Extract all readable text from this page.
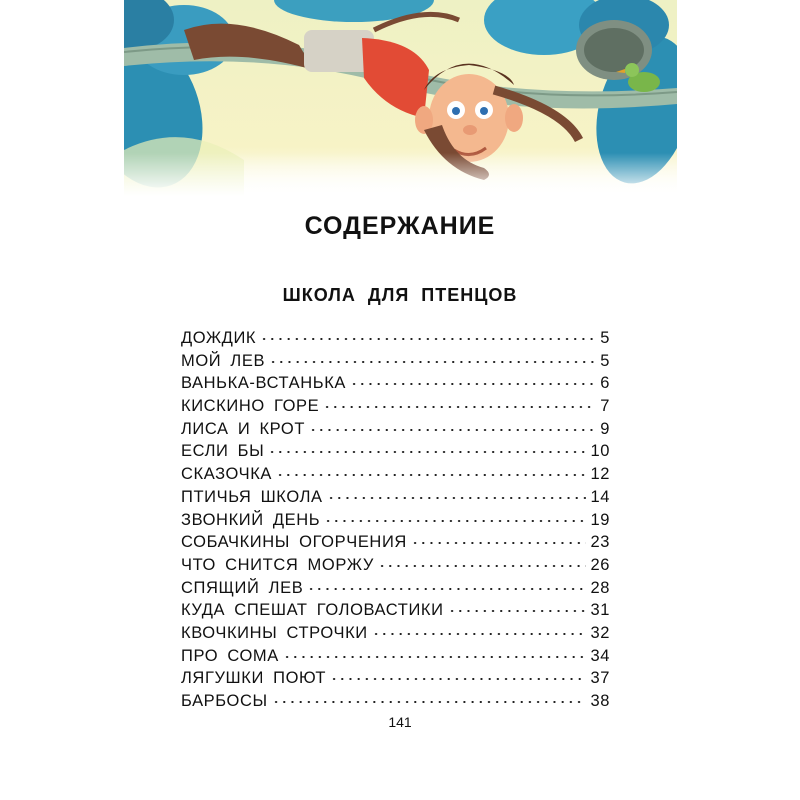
СОДЕРЖАНИЕ
ШКОЛА ДЛЯ ПТЕНЦОВ
ДОЖДИК	5
МОЙ ЛЕВ	5
ВАНЬКА-ВСТАНЬКА	6
КИСКИНО ГОРЕ	7
ЛИСА И КРОТ	9
ЕСЛИ БЫ	10
СКАЗОЧКА	12
ПТИЧЬЯ ШКОЛА	14
ЗВОНКИЙ ДЕНЬ	19
СОБАЧКИНЫ ОГОРЧЕНИЯ	23
ЧТО СНИТСЯ МОРЖУ	26
СПЯЩИЙ ЛЕВ	28
КУДА СПЕШАТ ГОЛОВАСТИКИ	31
КВОЧКИНЫ СТРОЧКИ	32
ПРО СОМА	34
ЛЯГУШКИ ПОЮТ	37
БАРБОСЫ	38

141
